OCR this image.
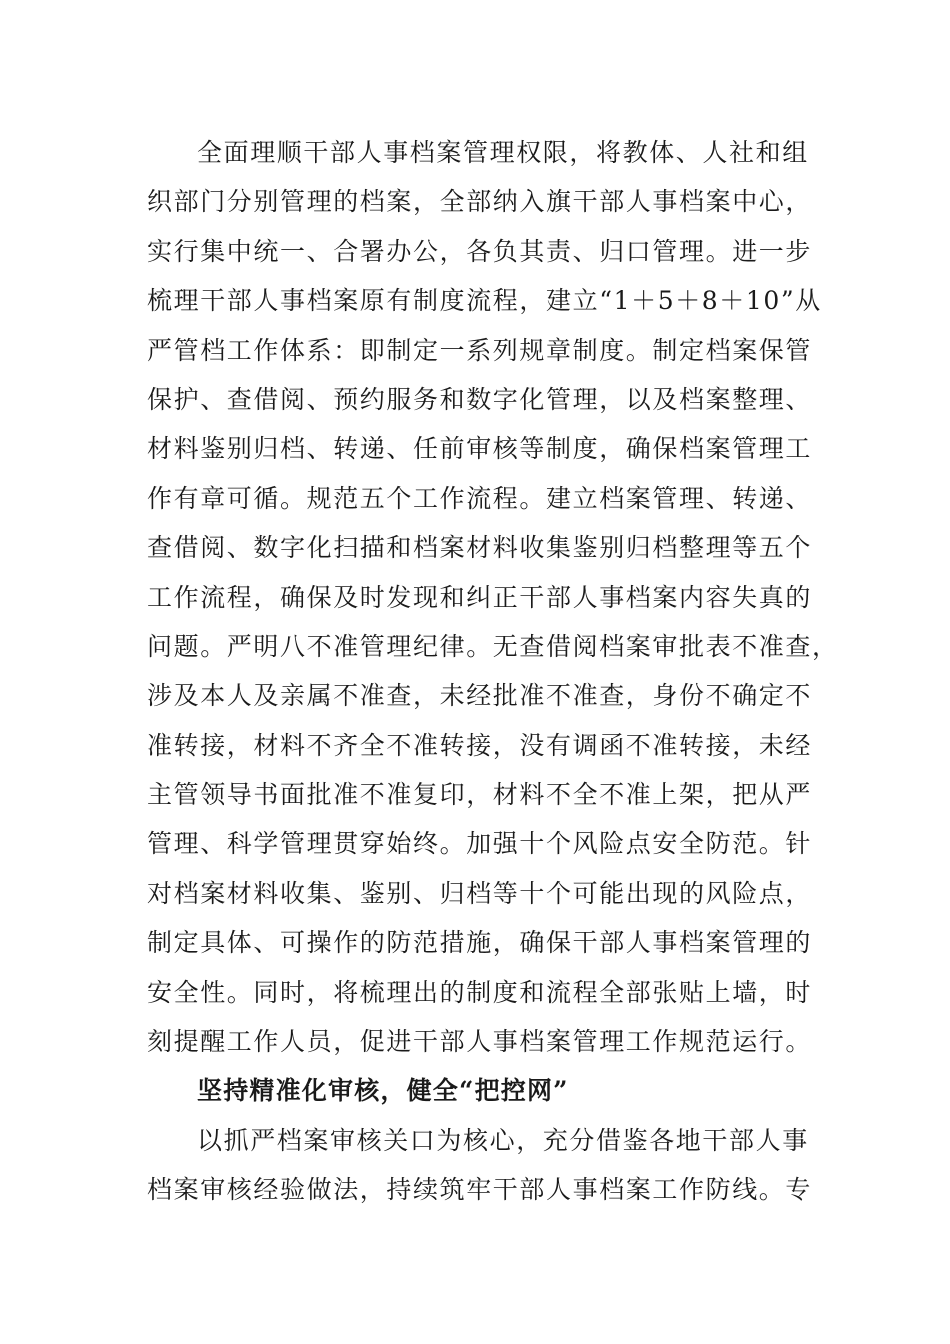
全面理顺干部人事档案管理权限，将教体、人社和组
织部门分别管理的档案，全部纳入旗干部人事档案中心，
实行集中统一、合署办公，各负其责、归口管理。进一步
梳理干部人事档案原有制度流程，建立“1＋5＋8＋10”从
严管档工作体系：即制定一系列规章制度。制定档案保管
保护、查借阅、预约服务和数字化管理，以及档案整理、
材料鉴别归档、转递、任前审核等制度，确保档案管理工
作有章可循。规范五个工作流程。建立档案管理、转递、
查借阅、数字化扫描和档案材料收集鉴别归档整理等五个
工作流程，确保及时发现和纠正干部人事档案内容失真的
问题。严明八不准管理纪律。无查借阅档案审批表不准查，
涉及本人及亲属不准查，未经批准不准查，身份不确定不
准转接，材料不齐全不准转接，没有调函不准转接，未经
主管领导书面批准不准复印，材料不全不准上架，把从严
管理、科学管理贯穿始终。加强十个风险点安全防范。针
对档案材料收集、鉴别、归档等十个可能出现的风险点，
制定具体、可操作的防范措施，确保干部人事档案管理的
安全性。同时，将梳理出的制度和流程全部张贴上墙，时
刻提醒工作人员，促进干部人事档案管理工作规范运行。
坚持精准化审核，健全“把控网”
以抓严档案审核关口为核心，充分借鉴各地干部人事
档案审核经验做法，持续筑牢干部人事档案工作防线。专
